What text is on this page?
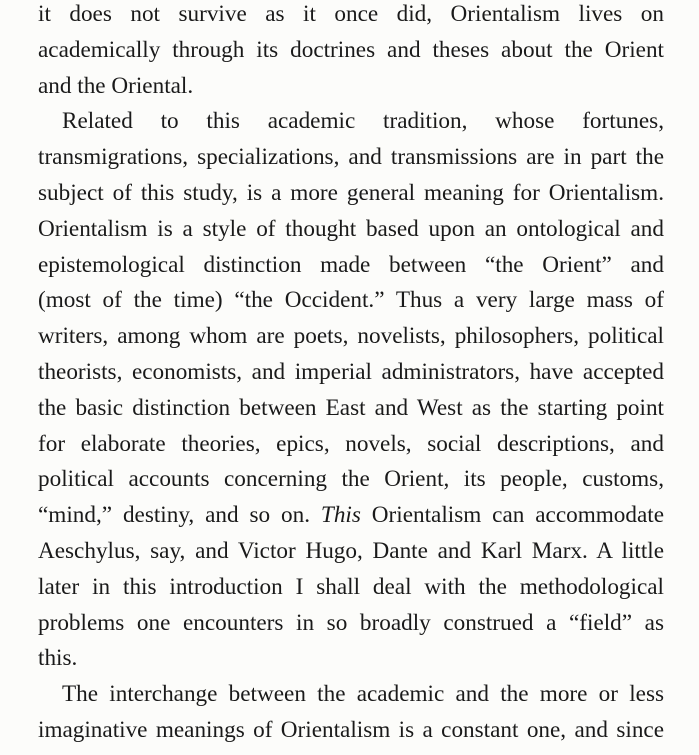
it does not survive as it once did, Orientalism lives on
academically through its doctrines and theses about the Orient
and the Oriental.
Related to this academic tradition, whose fortunes,
transmigrations, specializations, and transmissions are in part the
subject of this study, is a more general meaning for Orientalism.
Orientalism is a style of thought based upon an ontological and
epistemological distinction made between “the Orient” and
(most of the time) “the Occident.” Thus a very large mass of
writers, among whom are poets, novelists, philosophers, political
theorists, economists, and imperial administrators, have accepted
the basic distinction between East and West as the starting point
for elaborate theories, epics, novels, social descriptions, and
political accounts concerning the Orient, its people, customs,
“mind,” destiny, and so on. This Orientalism can accommodate
Aeschylus, say, and Victor Hugo, Dante and Karl Marx. A little
later in this introduction I shall deal with the methodological
problems one encounters in so broadly construed a “field” as
this.
The interchange between the academic and the more or less
imaginative meanings of Orientalism is a constant one, and since
